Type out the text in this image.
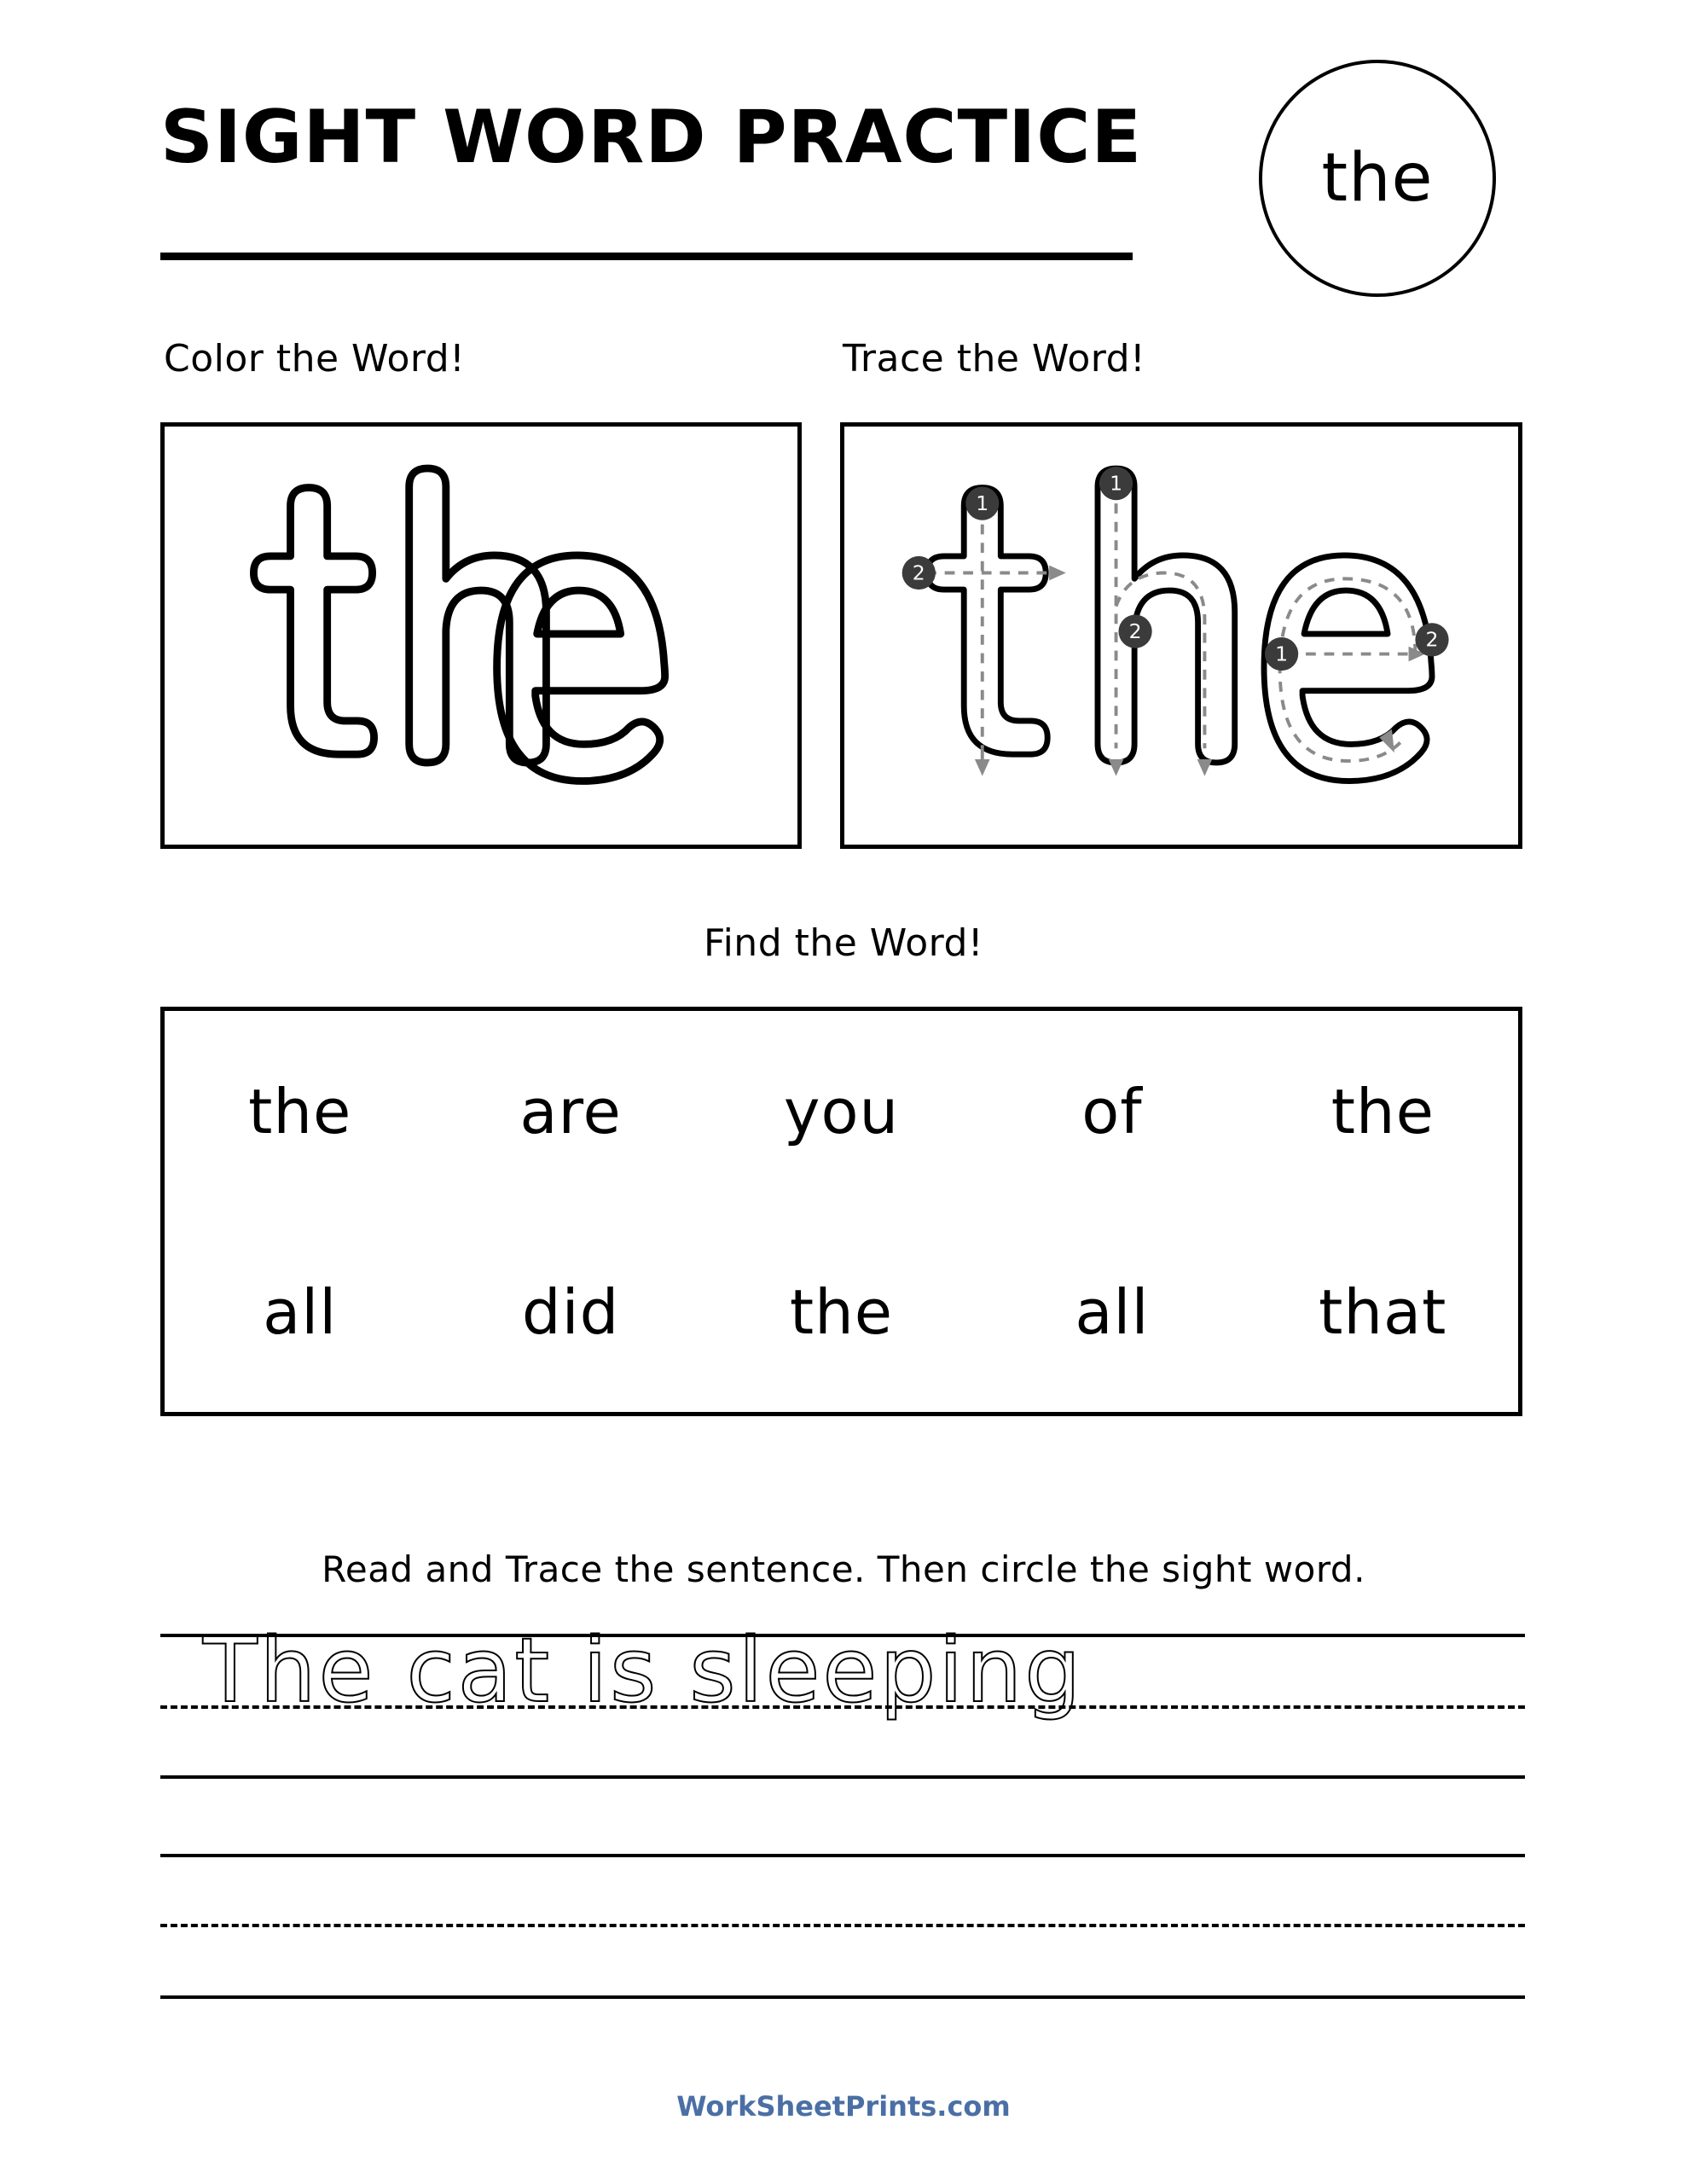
SIGHT WORD PRACTICE	the
Color the Word!	Trace the Word!
1
2
1
2
1
2
Find the Word!
the	are	you	of	the
all	did	the	all	that
Read and Trace the sentence. Then circle the sight word.
The cat is sleeping
WorkSheetPrints.com
